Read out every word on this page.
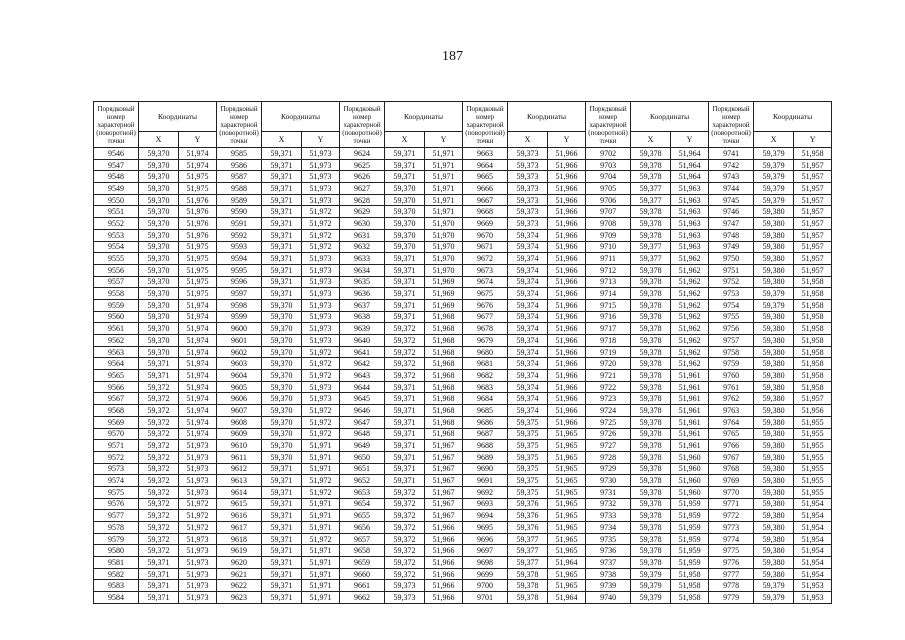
187
Порядковый номер характерной (поворотной) точки	Координаты		Порядковый номер характерной (поворотной) точки	Координаты		Порядковый номер характерной (поворотной) точки	Координаты		Порядковый номер характерной (поворотной) точки	Координаты		Порядковый номер характерной (поворотной) точки	Координаты		Порядковый номер характерной (поворотной) точки	Координаты	
	X	Y		X	Y		X	Y		X	Y		X	Y		X	Y
9546	59,370	51,974	9585	59,371	51,973	9624	59,371	51,971	9663	59,373	51,966	9702	59,378	51,964	9741	59,379	51,958
9547	59,370	51,974	9586	59,371	51,973	9625	59,371	51,971	9664	59,373	51,966	9703	59,378	51,964	9742	59,379	51,957
9548	59,370	51,975	9587	59,371	51,973	9626	59,371	51,971	9665	59,373	51,966	9704	59,378	51,964	9743	59,379	51,957
9549	59,370	51,975	9588	59,371	51,973	9627	59,370	51,971	9666	59,373	51,966	9705	59,377	51,963	9744	59,379	51,957
9550	59,370	51,976	9589	59,371	51,973	9628	59,370	51,971	9667	59,373	51,966	9706	59,377	51,963	9745	59,379	51,957
9551	59,370	51,976	9590	59,371	51,972	9629	59,370	51,971	9668	59,373	51,966	9707	59,378	51,963	9746	59,380	51,957
9552	59,370	51,976	9591	59,371	51,972	9630	59,370	51,970	9669	59,373	51,966	9708	59,378	51,963	9747	59,380	51,957
9553	59,370	51,976	9592	59,371	51,972	9631	59,370	51,970	9670	59,374	51,966	9709	59,378	51,963	9748	59,380	51,957
9554	59,370	51,975	9593	59,371	51,972	9632	59,370	51,970	9671	59,374	51,966	9710	59,377	51,963	9749	59,380	51,957
9555	59,370	51,975	9594	59,371	51,973	9633	59,371	51,970	9672	59,374	51,966	9711	59,377	51,962	9750	59,380	51,957
9556	59,370	51,975	9595	59,371	51,973	9634	59,371	51,970	9673	59,374	51,966	9712	59,378	51,962	9751	59,380	51,957
9557	59,370	51,975	9596	59,371	51,973	9635	59,371	51,969	9674	59,374	51,966	9713	59,378	51,962	9752	59,380	51,958
9558	59,370	51,975	9597	59,371	51,973	9636	59,371	51,969	9675	59,374	51,966	9714	59,378	51,962	9753	59,379	51,958
9559	59,370	51,974	9598	59,370	51,973	9637	59,371	51,969	9676	59,374	51,966	9715	59,378	51,962	9754	59,379	51,958
9560	59,370	51,974	9599	59,370	51,973	9638	59,371	51,968	9677	59,374	51,966	9716	59,378	51,962	9755	59,380	51,958
9561	59,370	51,974	9600	59,370	51,973	9639	59,372	51,968	9678	59,374	51,966	9717	59,378	51,962	9756	59,380	51,958
9562	59,370	51,974	9601	59,370	51,973	9640	59,372	51,968	9679	59,374	51,966	9718	59,378	51,962	9757	59,380	51,958
9563	59,370	51,974	9602	59,370	51,972	9641	59,372	51,968	9680	59,374	51,966	9719	59,378	51,962	9758	59,380	51,958
9564	59,371	51,974	9603	59,370	51,972	9642	59,372	51,968	9681	59,374	51,966	9720	59,378	51,962	9759	59,380	51,958
9565	59,371	51,974	9604	59,370	51,972	9643	59,372	51,968	9682	59,374	51,966	9721	59,378	51,961	9760	59,380	51,958
9566	59,372	51,974	9605	59,370	51,973	9644	59,371	51,968	9683	59,374	51,966	9722	59,378	51,961	9761	59,380	51,958
9567	59,372	51,974	9606	59,370	51,973	9645	59,371	51,968	9684	59,374	51,966	9723	59,378	51,961	9762	59,380	51,957
9568	59,372	51,974	9607	59,370	51,972	9646	59,371	51,968	9685	59,374	51,966	9724	59,378	51,961	9763	59,380	51,956
9569	59,372	51,974	9608	59,370	51,972	9647	59,371	51,968	9686	59,375	51,966	9725	59,378	51,961	9764	59,380	51,955
9570	59,372	51,974	9609	59,370	51,972	9648	59,371	51,968	9687	59,375	51,965	9726	59,378	51,961	9765	59,380	51,955
9571	59,372	51,973	9610	59,370	51,971	9649	59,371	51,967	9688	59,375	51,965	9727	59,378	51,961	9766	59,380	51,955
9572	59,372	51,973	9611	59,370	51,971	9650	59,371	51,967	9689	59,375	51,965	9728	59,378	51,960	9767	59,380	51,955
9573	59,372	51,973	9612	59,371	51,971	9651	59,371	51,967	9690	59,375	51,965	9729	59,378	51,960	9768	59,380	51,955
9574	59,372	51,973	9613	59,371	51,972	9652	59,371	51,967	9691	59,375	51,965	9730	59,378	51,960	9769	59,380	51,955
9575	59,372	51,973	9614	59,371	51,972	9653	59,372	51,967	9692	59,375	51,965	9731	59,378	51,960	9770	59,380	51,955
9576	59,372	51,972	9615	59,371	51,971	9654	59,372	51,967	9693	59,376	51,965	9732	59,378	51,959	9771	59,380	51,954
9577	59,372	51,972	9616	59,371	51,971	9655	59,372	51,967	9694	59,376	51,965	9733	59,378	51,959	9772	59,380	51,954
9578	59,372	51,972	9617	59,371	51,971	9656	59,372	51,966	9695	59,376	51,965	9734	59,378	51,959	9773	59,380	51,954
9579	59,372	51,973	9618	59,371	51,972	9657	59,372	51,966	9696	59,377	51,965	9735	59,378	51,959	9774	59,380	51,954
9580	59,372	51,973	9619	59,371	51,971	9658	59,372	51,966	9697	59,377	51,965	9736	59,378	51,959	9775	59,380	51,954
9581	59,371	51,973	9620	59,371	51,971	9659	59,372	51,966	9698	59,377	51,964	9737	59,378	51,959	9776	59,380	51,954
9582	59,371	51,973	9621	59,371	51,971	9660	59,372	51,966	9699	59,378	51,965	9738	59,379	51,958	9777	59,380	51,954
9583	59,371	51,973	9622	59,371	51,971	9661	59,373	51,966	9700	59,378	51,965	9739	59,379	51,958	9778	59,379	51,953
9584	59,371	51,973	9623	59,371	51,971	9662	59,373	51,966	9701	59,378	51,964	9740	59,379	51,958	9779	59,379	51,953
